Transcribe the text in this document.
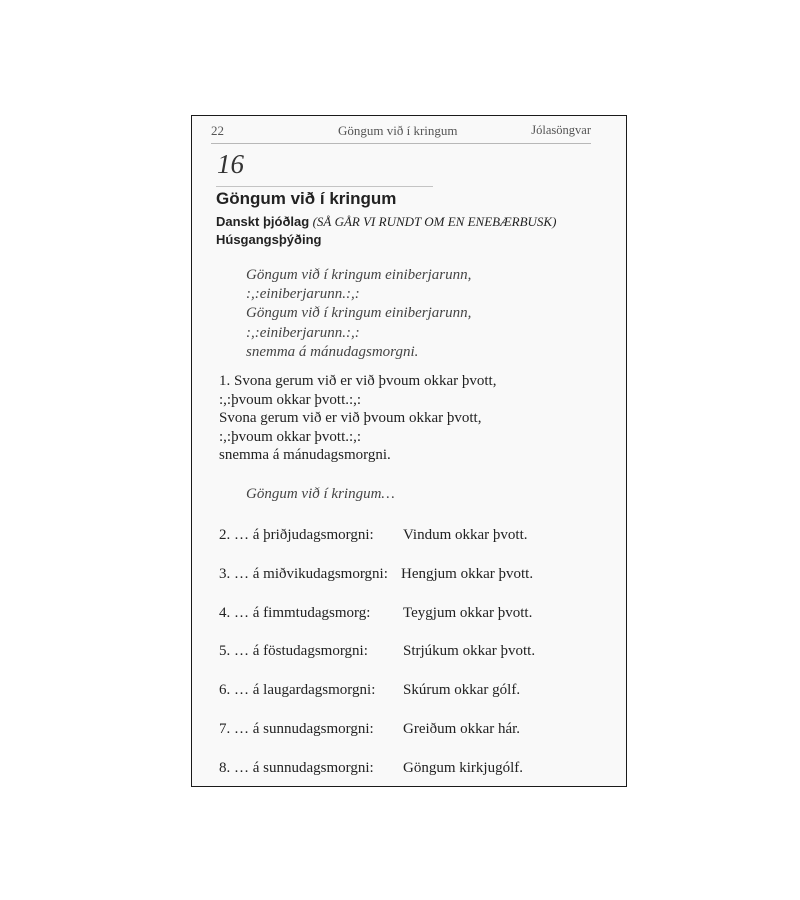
22	Göngum við í kringum	Jólasöngvar
16
Göngum við í kringum
Danskt þjóðlag (SÅ GÅR VI RUNDT OM EN ENEBÆRBUSK)
Húsgangsþýðing
Göngum við í kringum einiberjarunn,
:,:einiberjarunn.:,:
Göngum við í kringum einiberjarunn,
:,:einiberjarunn.:,:
snemma á mánudagsmorgni.
1. Svona gerum við er við þvoum okkar þvott,
:,:þvoum okkar þvott.:,:
Svona gerum við er við þvoum okkar þvott,
:,:þvoum okkar þvott.:,:
snemma á mánudagsmorgni.
Göngum við í kringum…
2. … á þriðjudagsmorgni: Vindum okkar þvott.
3. … á miðvikudagsmorgni: Hengjum okkar þvott.
4. … á fimmtudagsmorg: Teygjum okkar þvott.
5. … á föstudagsmorgni: Strjúkum okkar þvott.
6. … á laugardagsmorgni: Skúrum okkar gólf.
7. … á sunnudagsmorgni: Greiðum okkar hár.
8. … á sunnudagsmorgni: Göngum kirkjugólf.
